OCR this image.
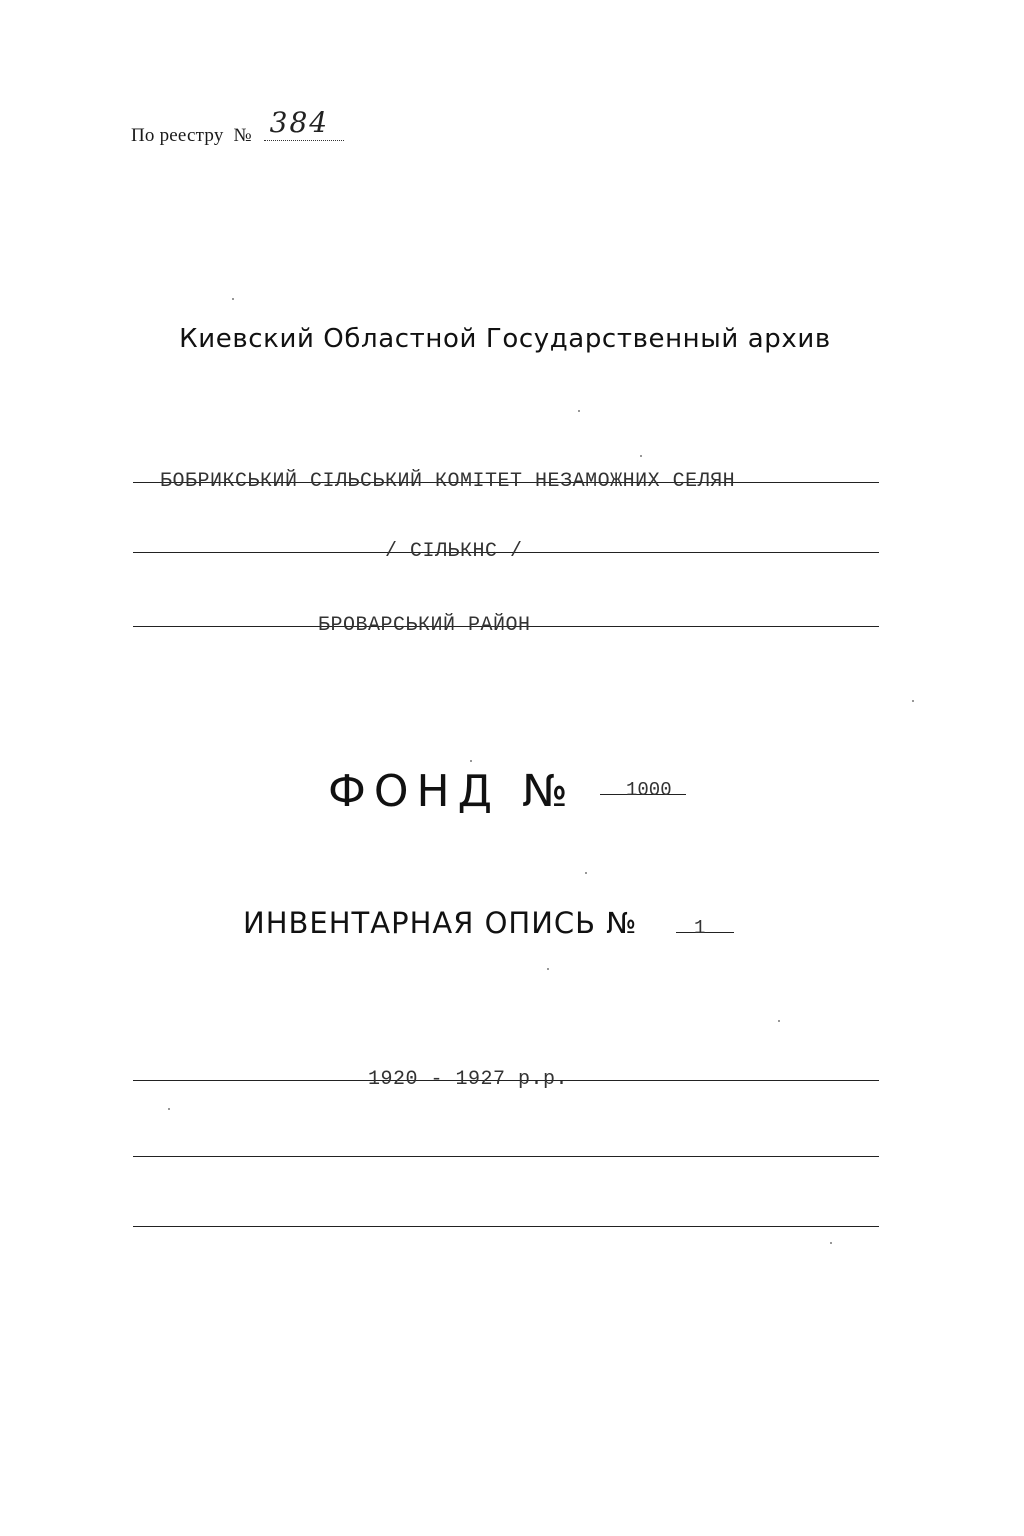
По реестру № 384
Киевский Областной Государственный архив
БОБРИКСЬКИЙ СІЛЬСЬКИЙ КОМІТЕТ НЕЗАМОЖНИХ СЕЛЯН
/ СІЛЬКНС /
БРОВАРСЬКИЙ РАЙОН
ФОНД №	1000
ИНВЕНТАРНАЯ ОПИСЬ №	1
1920 - 1927 р.р.
